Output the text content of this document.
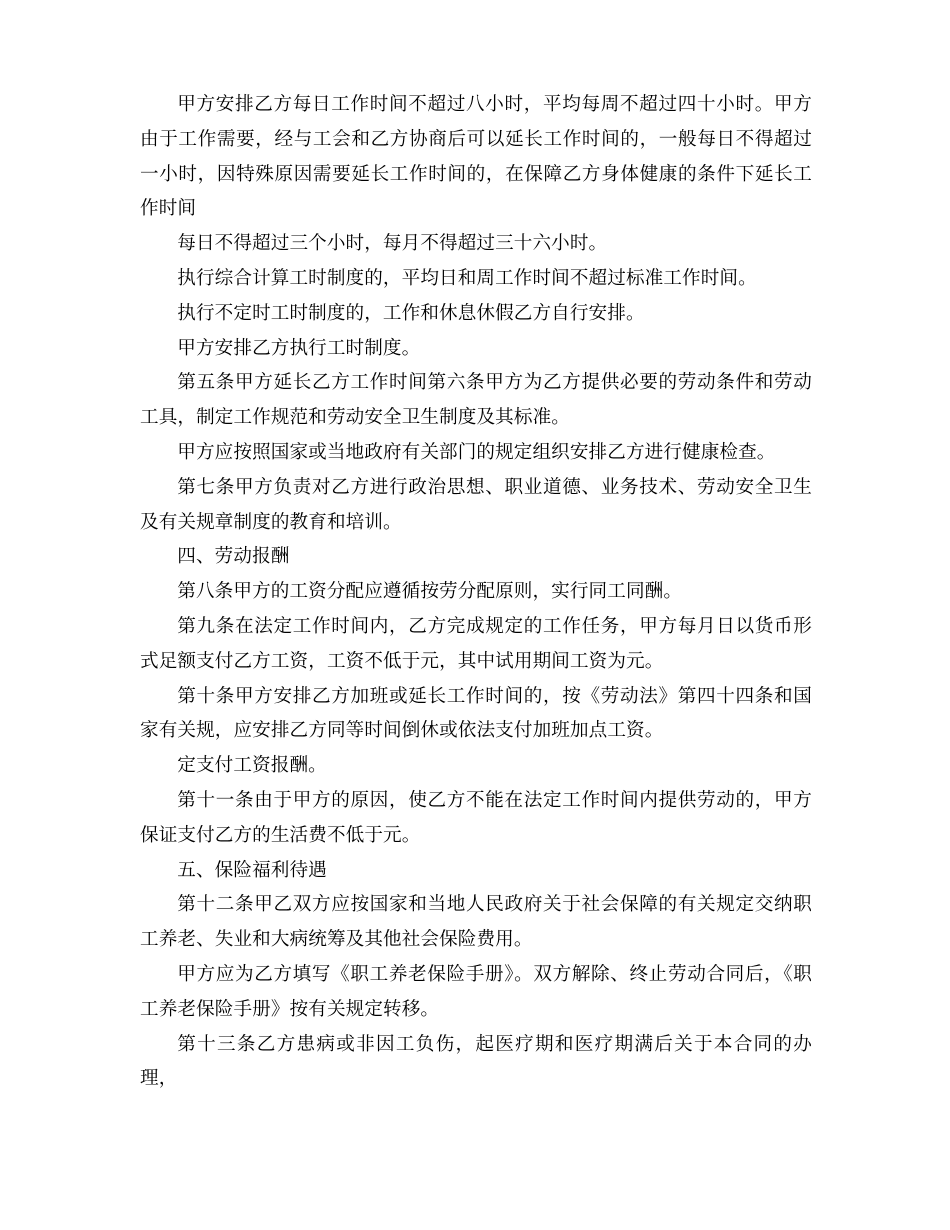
甲方安排乙方每日工作时间不超过八小时，平均每周不超过四十小时。甲方由于工作需要，经与工会和乙方协商后可以延长工作时间的，一般每日不得超过一小时，因特殊原因需要延长工作时间的，在保障乙方身体健康的条件下延长工作时间

每日不得超过三个小时，每月不得超过三十六小时。

执行综合计算工时制度的，平均日和周工作时间不超过标准工作时间。

执行不定时工时制度的，工作和休息休假乙方自行安排。

甲方安排乙方执行工时制度。

第五条甲方延长乙方工作时间第六条甲方为乙方提供必要的劳动条件和劳动工具，制定工作规范和劳动安全卫生制度及其标准。

甲方应按照国家或当地政府有关部门的规定组织安排乙方进行健康检查。

第七条甲方负责对乙方进行政治思想、职业道德、业务技术、劳动安全卫生及有关规章制度的教育和培训。

四、劳动报酬

第八条甲方的工资分配应遵循按劳分配原则，实行同工同酬。

第九条在法定工作时间内，乙方完成规定的工作任务，甲方每月日以货币形式足额支付乙方工资，工资不低于元，其中试用期间工资为元。

第十条甲方安排乙方加班或延长工作时间的，按《劳动法》第四十四条和国家有关规，应安排乙方同等时间倒休或依法支付加班加点工资。

定支付工资报酬。

第十一条由于甲方的原因，使乙方不能在法定工作时间内提供劳动的，甲方保证支付乙方的生活费不低于元。

五、保险福利待遇

第十二条甲乙双方应按国家和当地人民政府关于社会保障的有关规定交纳职工养老、失业和大病统筹及其他社会保险费用。

甲方应为乙方填写《职工养老保险手册》。双方解除、终止劳动合同后，《职工养老保险手册》按有关规定转移。

第十三条乙方患病或非因工负伤，起医疗期和医疗期满后关于本合同的办理，
